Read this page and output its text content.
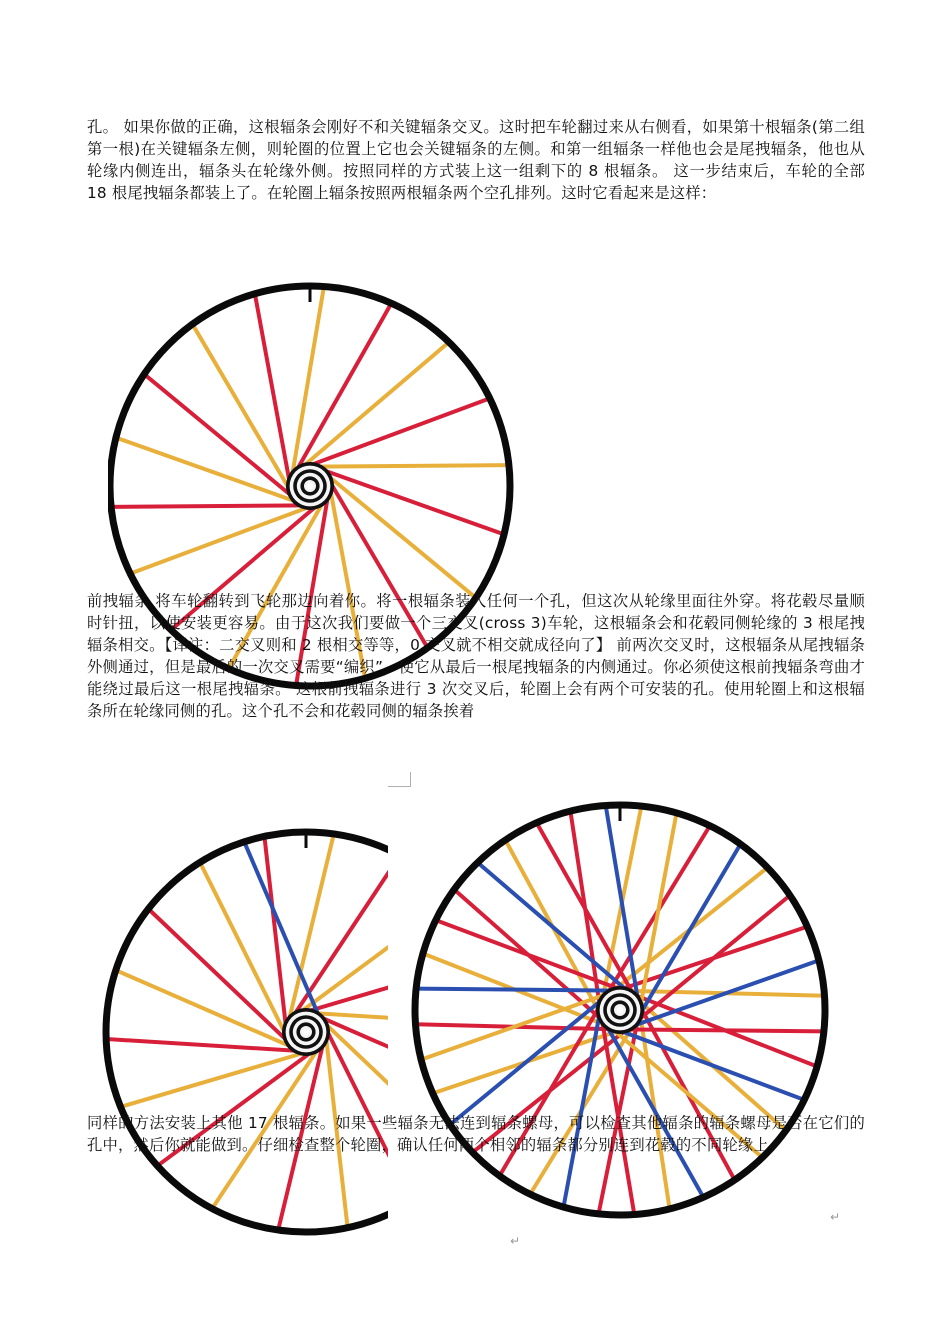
孔。 如果你做的正确，这根辐条会刚好不和关键辐条交叉。这时把车轮翻过来从右侧看，如果第十根辐条(第二组第一根)在关键辐条左侧，则轮圈的位置上它也会关键辐条的左侧。和第一组辐条一样他也会是尾拽辐条，他也从轮缘内侧连出，辐条头在轮缘外侧。按照同样的方式装上这一组剩下的 8 根辐条。 这一步结束后，车轮的全部 18 根尾拽辐条都装上了。在轮圈上辐条按照两根辐条两个空孔排列。这时它看起来是这样：

前拽辐条 将车轮翻转到飞轮那边向着你。将一根辐条装入任何一个孔，但这次从轮缘里面往外穿。将花毂尽量顺时针扭，以使安装更容易。由于这次我们要做一个三交叉(cross 3)车轮，这根辐条会和花毂同侧轮缘的 3 根尾拽辐条相交。【译注：二交叉则和 2 根相交等等，0 交叉就不相交就成径向了】 前两次交叉时，这根辐条从尾拽辐条外侧通过，但是最后的一次交叉需要“编织”，使它从最后一根尾拽辐条的内侧通过。你必须使这根前拽辐条弯曲才能绕过最后这一根尾拽辐条。 这根前拽辐条进行 3 次交叉后，轮圈上会有两个可安装的孔。使用轮圈上和这根辐条所在轮缘同侧的孔。这个孔不会和花毂同侧的辐条挨着

同样的方法安装上其他 17 根辐条。如果一些辐条无法连到辐条螺母，可以检查其他辐条的辐条螺母是否在它们的孔中，然后你就能做到。仔细检查整个轮圈，确认任何两个相邻的辐条都分别连到花毂的不同轮缘上。

↵
↵
